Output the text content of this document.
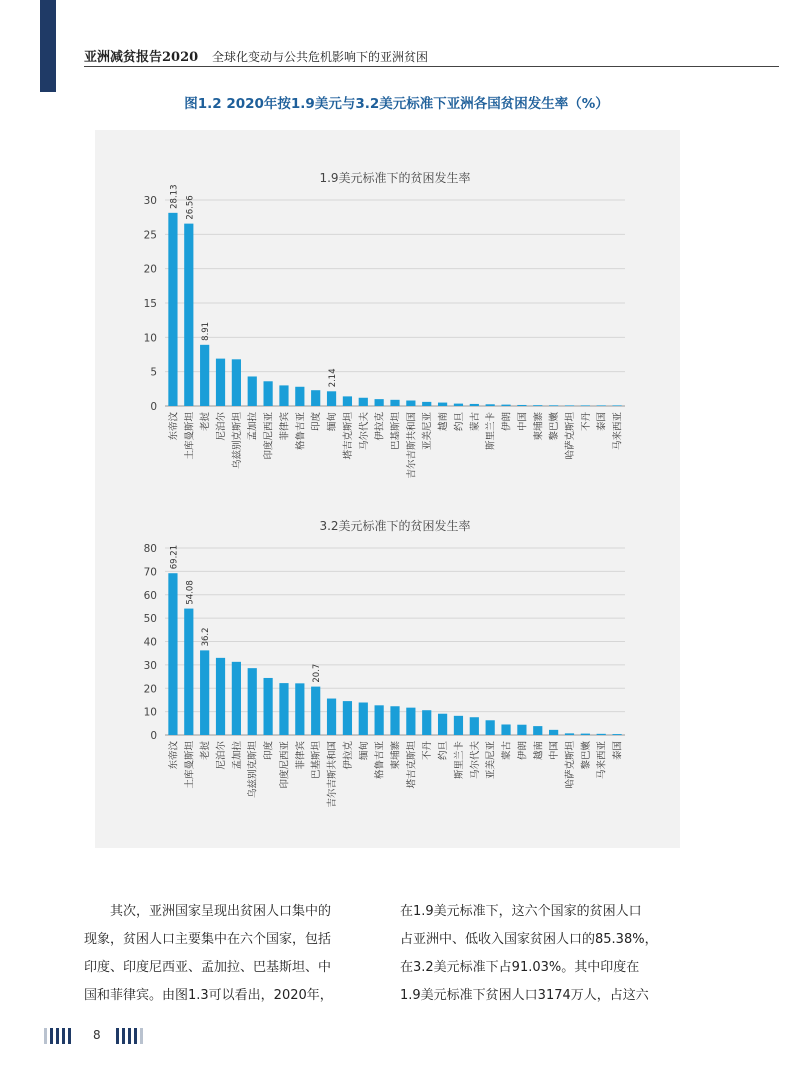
亚洲减贫报告2020 全球化变动与公共危机影响下的亚洲贫困
图1.2 2020年按1.9美元与3.2美元标准下亚洲各国贫困发生率（%）
1.9美元标准下的贫困发生率
0
5
10
15
20
25
30 28.13
东帝汶
26.56
土库曼斯坦
8.91
老挝 尼泊尔 乌兹别克斯坦 孟加拉 印度尼西亚 菲律宾 格鲁吉亚 印度
2.14
缅甸 塔吉克斯坦 马尔代夫 伊拉克 巴基斯坦 吉尔吉斯共和国 亚美尼亚 越南 约旦 蒙古 斯里兰卡 伊朗 中国 柬埔寨 黎巴嫩 哈萨克斯坦 不丹 泰国 马来西亚
3.2美元标准下的贫困发生率
0
10
20
30
40
50
60
70
80 69.21
东帝汶
54.08
土库曼斯坦
36.2
老挝 尼泊尔 孟加拉 乌兹别克斯坦 印度 印度尼西亚 菲律宾
20.7
巴基斯坦 吉尔吉斯共和国 伊拉克 缅甸 格鲁吉亚 柬埔寨 塔吉克斯坦 不丹 约旦 斯里兰卡 马尔代夫 亚美尼亚 蒙古 伊朗 越南 中国 哈萨克斯坦 黎巴嫩 马来西亚 泰国
其次，亚洲国家呈现出贫困人口集中的
现象，贫困人口主要集中在六个国家，包括
印度、印度尼西亚、孟加拉、巴基斯坦、中
国和菲律宾。由图1.3可以看出，2020年，
在1.9美元标准下，这六个国家的贫困人口
占亚洲中、低收入国家贫困人口的85.38%，
在3.2美元标准下占91.03%。其中印度在
1.9美元标准下贫困人口3174万人，占这六
8
